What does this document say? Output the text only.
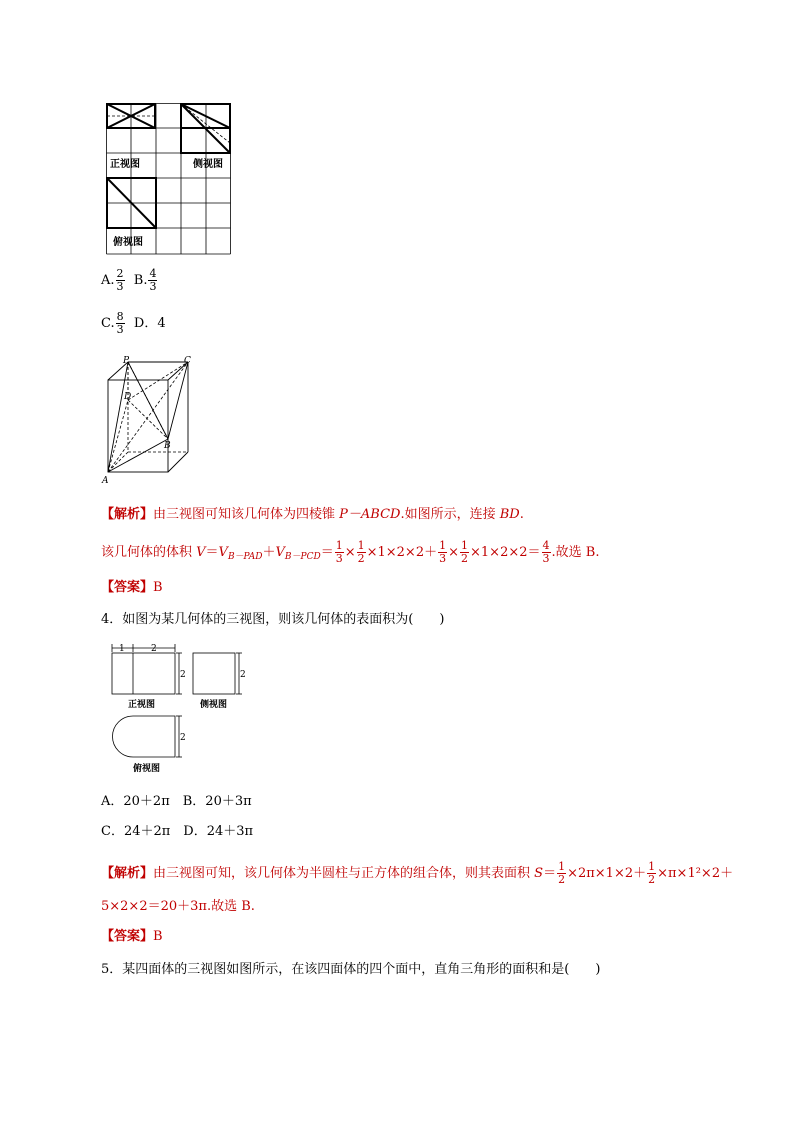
正视图	侧视图
俯视图
A. $\frac{2}{3} B$. $\frac{4}{3}$
C. $\frac{8}{3}$ D．4
P	C
D
B
A
【解析】由三视图可知该几何体为四棱锥 P－ABCD.如图所示，连接 BD.
该几何体的体积 $V=V_{B-PAD}+V_{B-PCD}= \frac{1}{3} \times \frac{1}{2} \times 1\times 2\times 2+ \frac{1}{3} \times \frac{1}{2} \times 1\times 2\times 2= \frac{4}{3}$ .故选 B.
【答案】B
4．如图为某几何体的三视图，则该几何体的表面积为(　　)
1	2
2	2
2
正视图	侧视图
俯视图
A．20＋2π　B．20＋3π
C．24＋2π　D．24＋3π
【解析】由三视图可知，该几何体为半圆柱与正方体的组合体，则其表面积 $S= \frac{1}{2} \times 2\pi\times 1\times 2+ \frac{1}{2} \times\pi\times 1^2\times 2+$
5×2×2＝20＋3π.故选 B.
【答案】B
5．某四面体的三视图如图所示，在该四面体的四个面中，直角三角形的面积和是(　　)
